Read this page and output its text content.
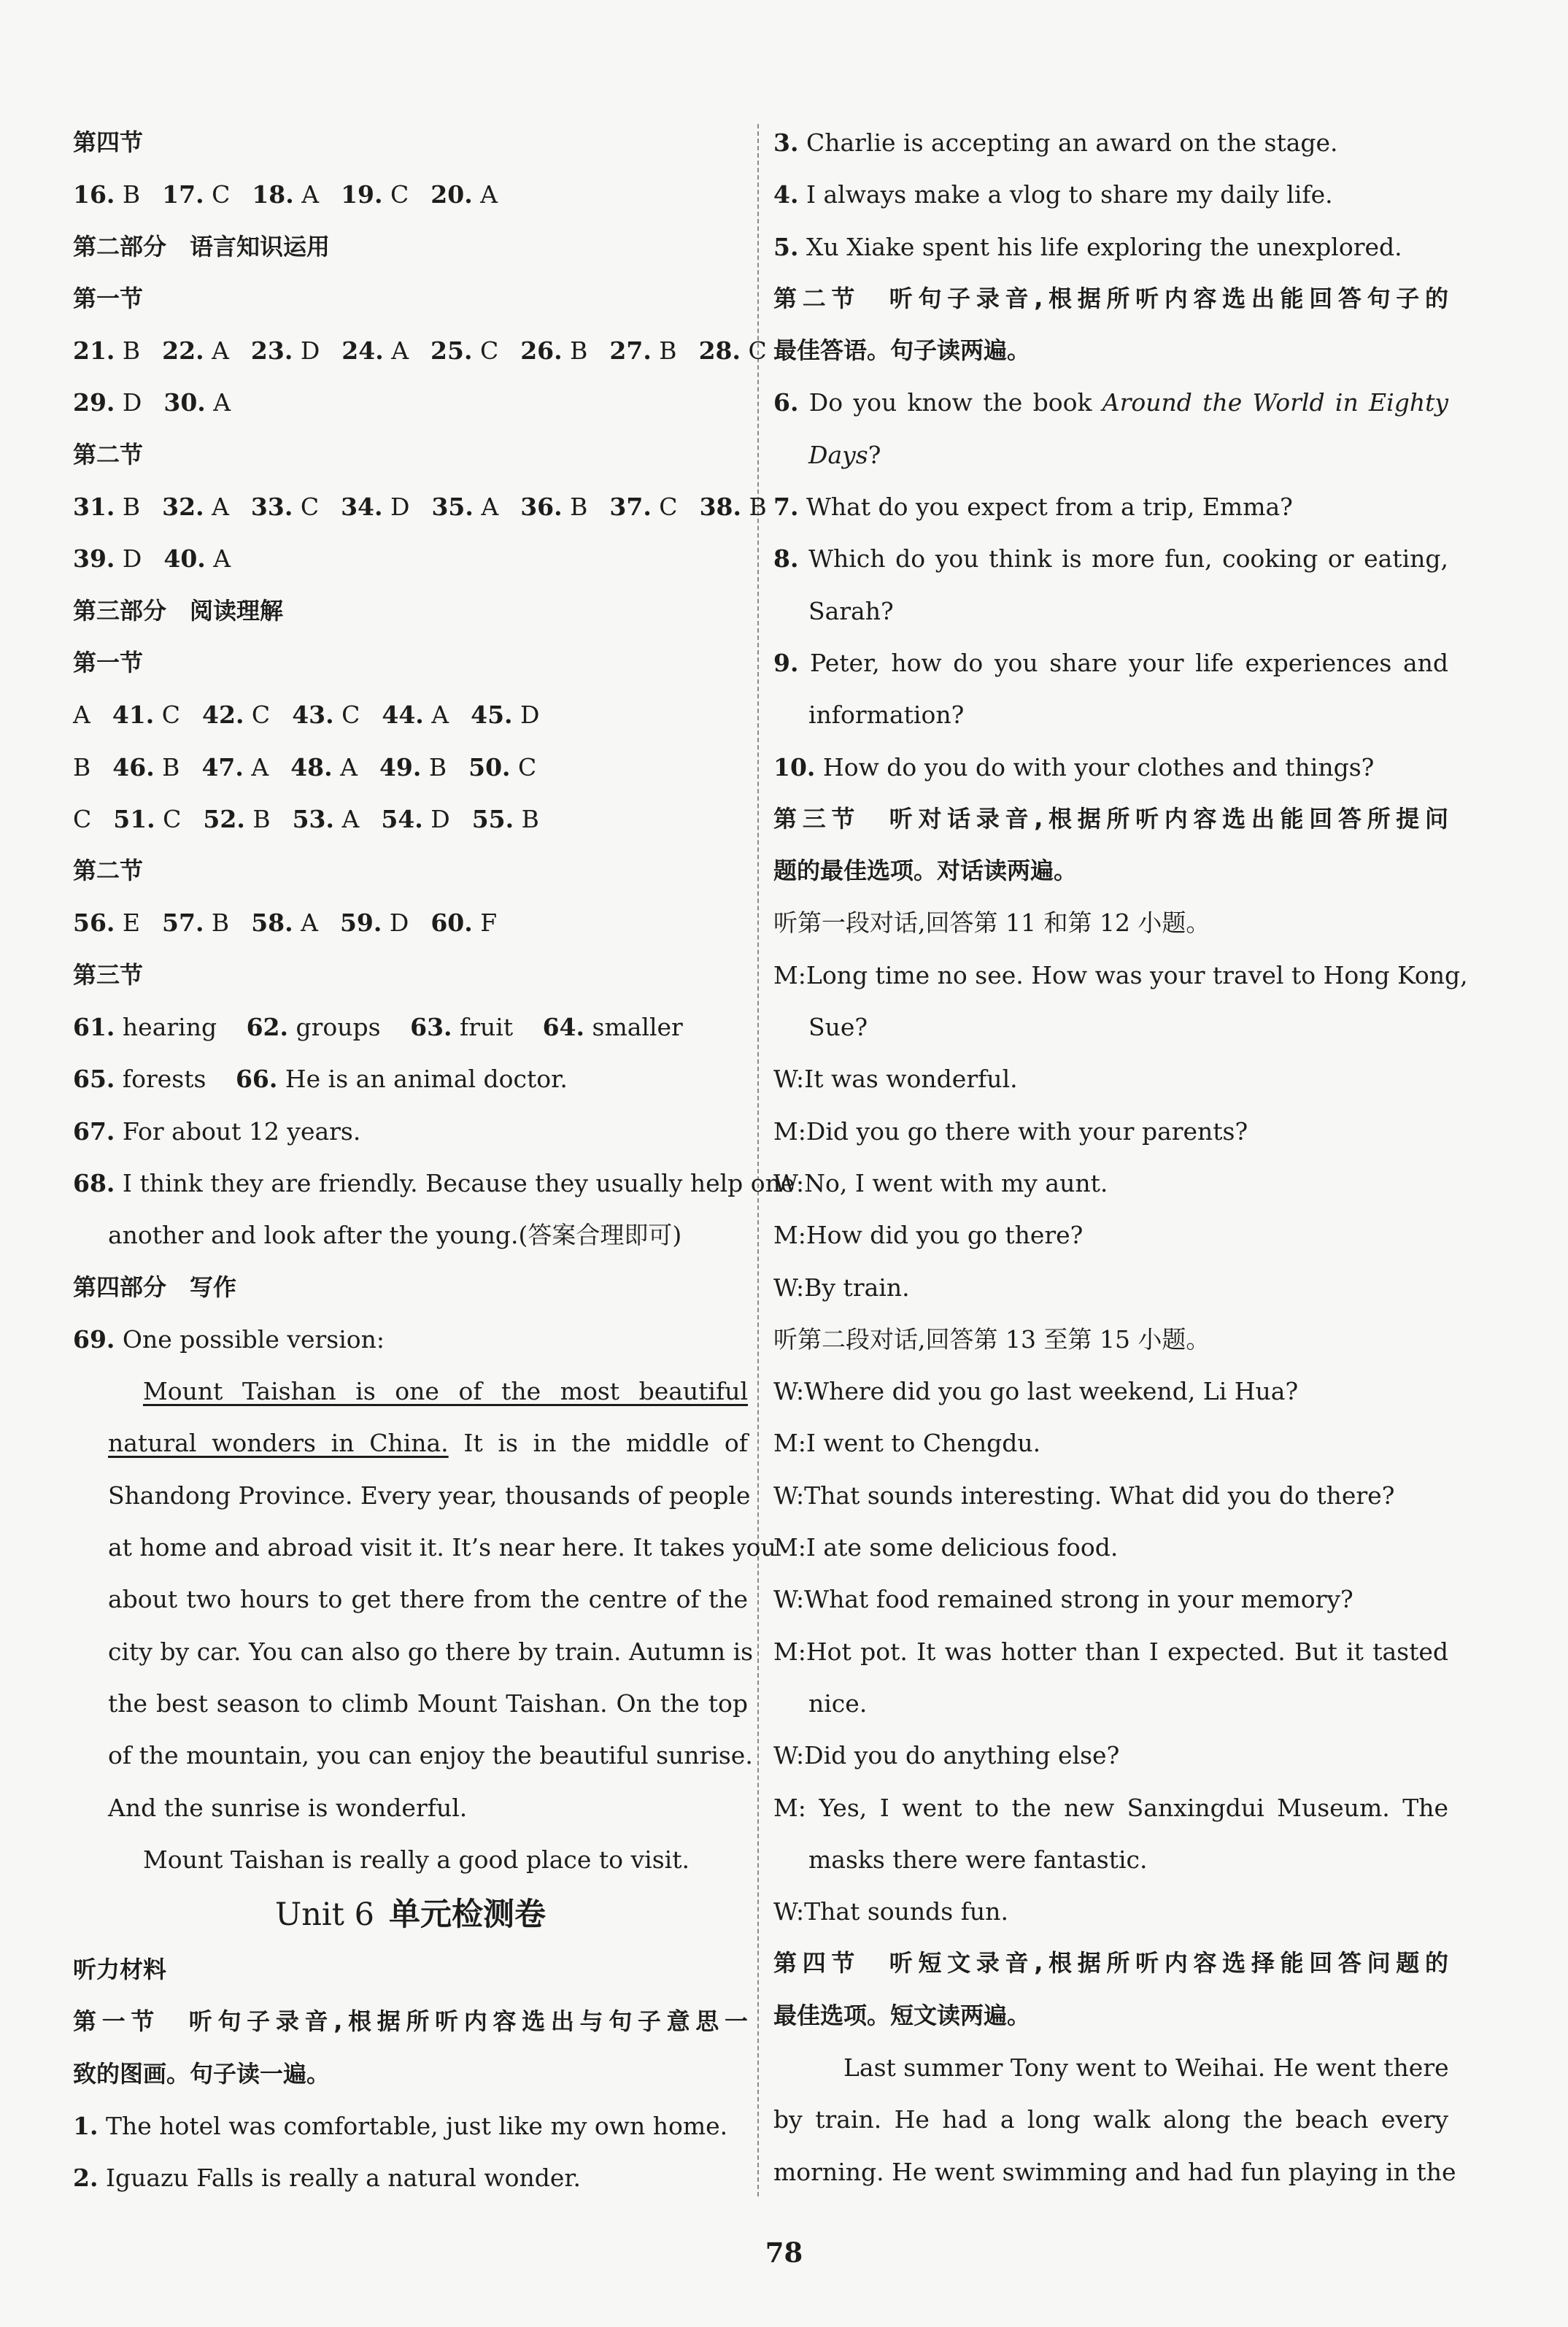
第四节
16. B 17. C 18. A 19. C 20. A
第二部分　语言知识运用
第一节
21. B 22. A 23. D 24. A 25. C 26. B 27. B 28. C
29. D 30. A
第二节
31. B 32. A 33. C 34. D 35. A 36. B 37. C 38. B
39. D 40. A
第三部分　阅读理解
第一节
A 41. C 42. C 43. C 44. A 45. D
B 46. B 47. A 48. A 49. B 50. C
C 51. C 52. B 53. A 54. D 55. B
第二节
56. E 57. B 58. A 59. D 60. F
第三节
61. hearing 62. groups 63. fruit 64. smaller
65. forests 66. He is an animal doctor.
67. For about 12 years.
68. I think they are friendly. Because they usually help one
another and look after the young.(答案合理即可)
第四部分　写作
69. One possible version:
Mount Taishan is one of the most beautiful
natural wonders in China. It is in the middle of
Shandong Province. Every year, thousands of people
at home and abroad visit it. It’s near here. It takes you
about two hours to get there from the centre of the
city by car. You can also go there by train. Autumn is
the best season to climb Mount Taishan. On the top
of the mountain, you can enjoy the beautiful sunrise.
And the sunrise is wonderful.
Mount Taishan is really a good place to visit.
Unit 6 单元检测卷
听力材料
第一节　听句子录音,根据所听内容选出与句子意思一
致的图画。句子读一遍。
1. The hotel was comfortable, just like my own home.
2. Iguazu Falls is really a natural wonder.
3. Charlie is accepting an award on the stage.
4. I always make a vlog to share my daily life.
5. Xu Xiake spent his life exploring the unexplored.
第二节　听句子录音,根据所听内容选出能回答句子的
最佳答语。句子读两遍。
6. Do you know the book Around the World in Eighty
Days?
7. What do you expect from a trip, Emma?
8. Which do you think is more fun, cooking or eating,
Sarah?
9. Peter, how do you share your life experiences and
information?
10. How do you do with your clothes and things?
第三节　听对话录音,根据所听内容选出能回答所提问
题的最佳选项。对话读两遍。
听第一段对话,回答第 11 和第 12 小题。
M:Long time no see. How was your travel to Hong Kong,
Sue?
W:It was wonderful.
M:Did you go there with your parents?
W:No, I went with my aunt.
M:How did you go there?
W:By train.
听第二段对话,回答第 13 至第 15 小题。
W:Where did you go last weekend, Li Hua?
M:I went to Chengdu.
W:That sounds interesting. What did you do there?
M:I ate some delicious food.
W:What food remained strong in your memory?
M:Hot pot. It was hotter than I expected. But it tasted
nice.
W:Did you do anything else?
M: Yes, I went to the new Sanxingdui Museum. The
masks there were fantastic.
W:That sounds fun.
第四节　听短文录音,根据所听内容选择能回答问题的
最佳选项。短文读两遍。
Last summer Tony went to Weihai. He went there
by train. He had a long walk along the beach every
morning. He went swimming and had fun playing in the
78
